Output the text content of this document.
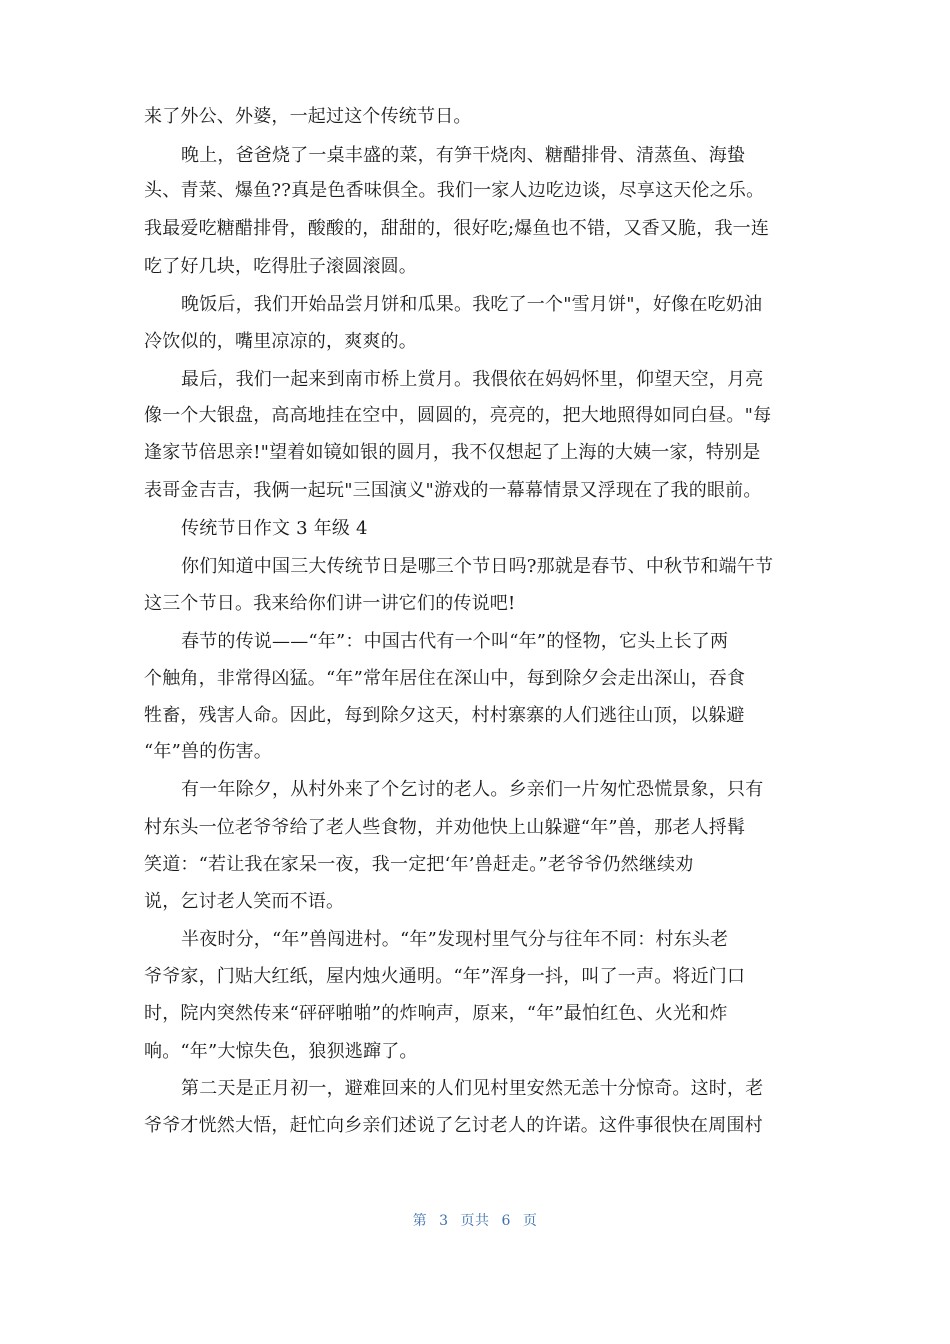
来了外公、外婆，一起过这个传统节日。
晚上，爸爸烧了一桌丰盛的菜，有笋干烧肉、糖醋排骨、清蒸鱼、海蛰
头、青菜、爆鱼??真是色香味俱全。我们一家人边吃边谈，尽享这天伦之乐。
我最爱吃糖醋排骨，酸酸的，甜甜的，很好吃;爆鱼也不错，又香又脆，我一连
吃了好几块，吃得肚子滚圆滚圆。
晚饭后，我们开始品尝月饼和瓜果。我吃了一个"雪月饼"，好像在吃奶油
冷饮似的，嘴里凉凉的，爽爽的。
最后，我们一起来到南市桥上赏月。我偎依在妈妈怀里，仰望天空，月亮
像一个大银盘，高高地挂在空中，圆圆的，亮亮的，把大地照得如同白昼。"每
逢家节倍思亲!"望着如镜如银的圆月，我不仅想起了上海的大姨一家，特别是
表哥金吉吉，我俩一起玩"三国演义"游戏的一幕幕情景又浮现在了我的眼前。
传统节日作文 3 年级 4
你们知道中国三大传统节日是哪三个节日吗?那就是春节、中秋节和端午节
这三个节日。我来给你们讲一讲它们的传说吧!
春节的传说——“年”：中国古代有一个叫“年”的怪物，它头上长了两
个触角，非常得凶猛。“年”常年居住在深山中，每到除夕会走出深山，吞食
牲畜，残害人命。因此，每到除夕这天，村村寨寨的人们逃往山顶，以躲避
“年”兽的伤害。
有一年除夕，从村外来了个乞讨的老人。乡亲们一片匆忙恐慌景象，只有
村东头一位老爷爷给了老人些食物，并劝他快上山躲避“年”兽，那老人捋髯
笑道：“若让我在家呆一夜，我一定把‘年’兽赶走。”老爷爷仍然继续劝
说，乞讨老人笑而不语。
半夜时分，“年”兽闯进村。“年”发现村里气分与往年不同：村东头老
爷爷家，门贴大红纸，屋内烛火通明。“年”浑身一抖，叫了一声。将近门口
时，院内突然传来“砰砰啪啪”的炸响声，原来，“年”最怕红色、火光和炸
响。“年”大惊失色，狼狈逃蹿了。
第二天是正月初一，避难回来的人们见村里安然无恙十分惊奇。这时，老
爷爷才恍然大悟，赶忙向乡亲们述说了乞讨老人的许诺。这件事很快在周围村
第 3 页共 6 页
